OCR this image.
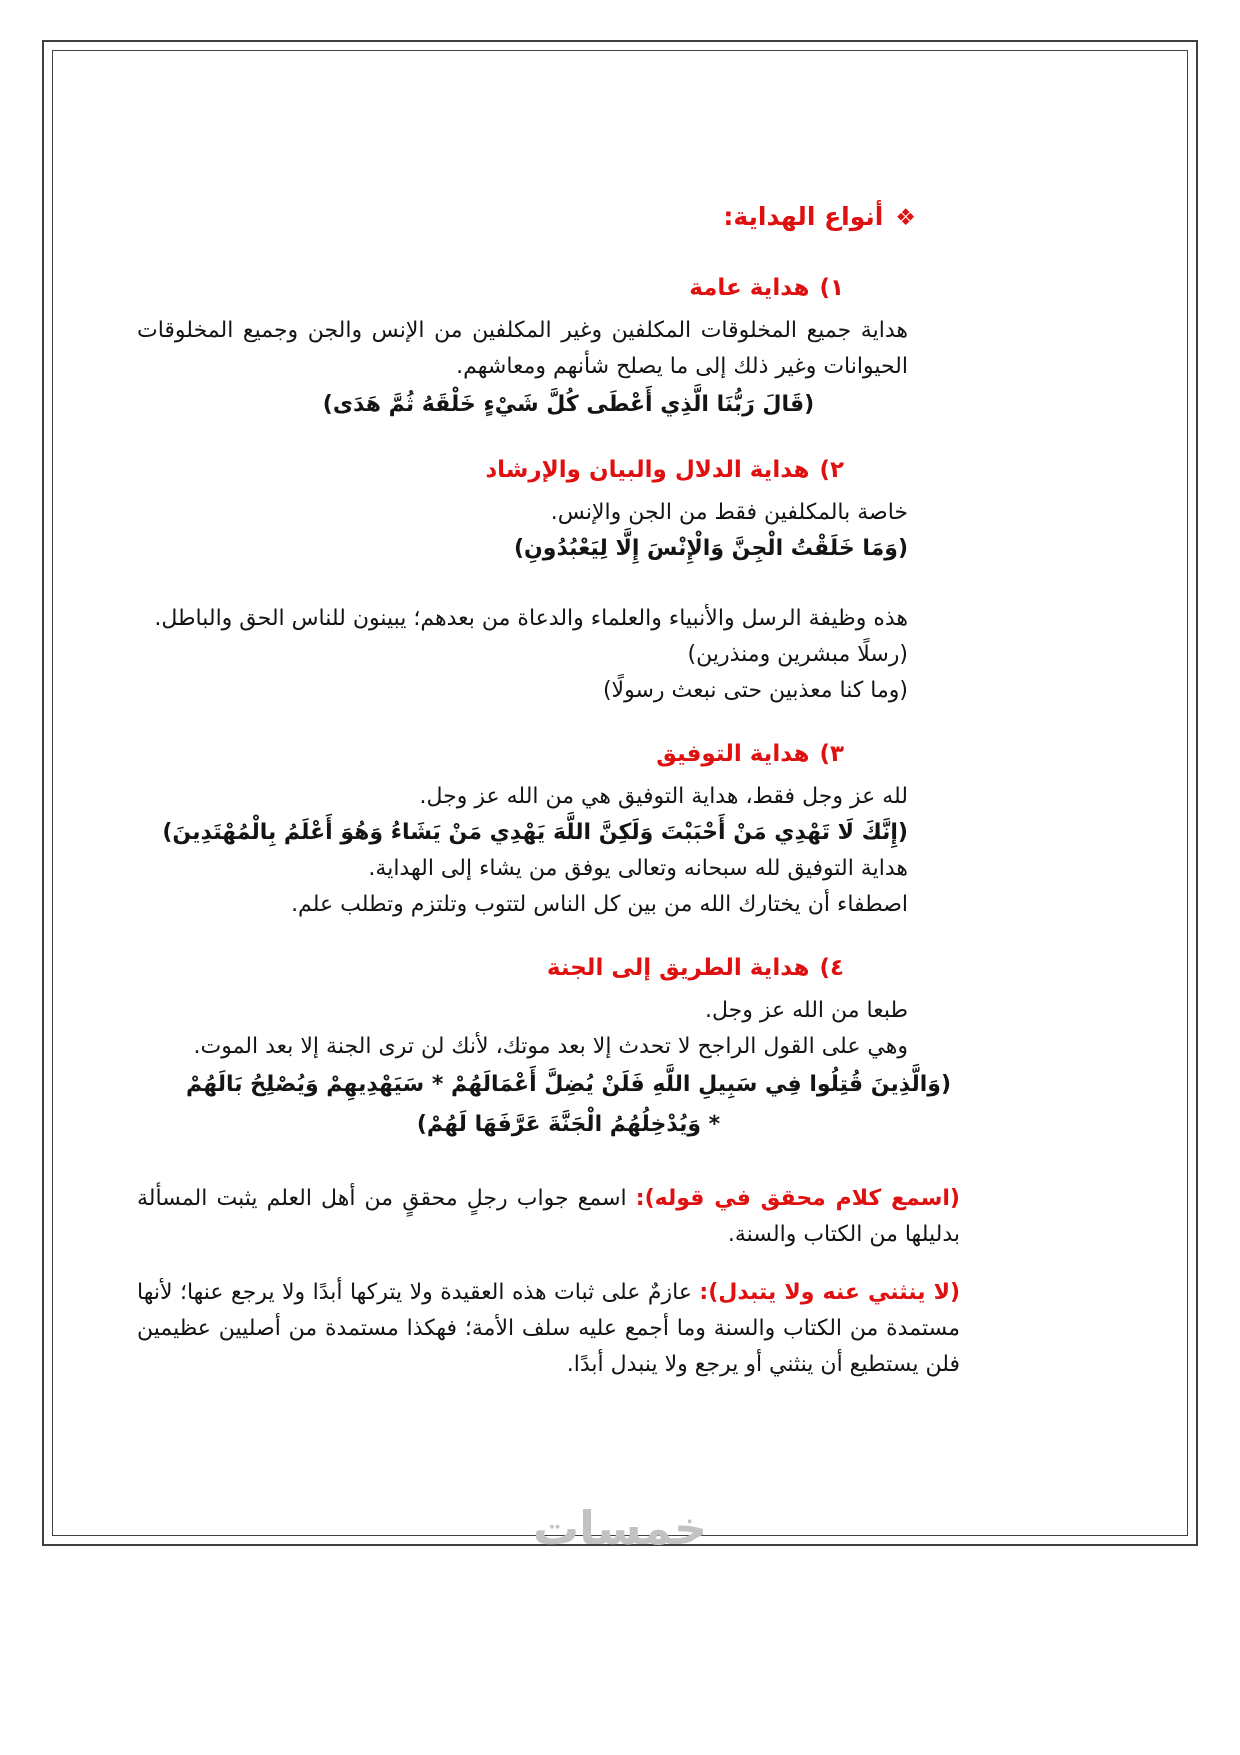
❖أنواع الهداية:

١)هداية عامة

هداية جميع المخلوقات المكلفين وغير المكلفين من الإنس والجن وجميع المخلوقات الحيوانات وغير ذلك إلى ما يصلح شأنهم ومعاشهم.

(قَالَ رَبُّنَا الَّذِي أَعْطَى كُلَّ شَيْءٍ خَلْقَهُ ثُمَّ هَدَى)

٢)هداية الدلال والبيان والإرشاد

خاصة بالمكلفين فقط من الجن والإنس.

(وَمَا خَلَقْتُ الْجِنَّ وَالْإِنْسَ إِلَّا لِيَعْبُدُونِ)

هذه وظيفة الرسل والأنبياء والعلماء والدعاة من بعدهم؛ يبينون للناس الحق والباطل.

(رسلًا مبشرين ومنذرين)

(وما كنا معذبين حتى نبعث رسولًا)

٣)هداية التوفيق

لله عز وجل فقط، هداية التوفيق هي من الله عز وجل.

(إِنَّكَ لَا تَهْدِي مَنْ أَحْبَبْتَ وَلَكِنَّ اللَّهَ يَهْدِي مَنْ يَشَاءُ وَهُوَ أَعْلَمُ بِالْمُهْتَدِينَ)

هداية التوفيق لله سبحانه وتعالى يوفق من يشاء إلى الهداية.

اصطفاء أن يختارك الله من بين كل الناس لتتوب وتلتزم وتطلب علم.

٤)هداية الطريق إلى الجنة

طبعا من الله عز وجل.

وهي على القول الراجح لا تحدث إلا بعد موتك، لأنك لن ترى الجنة إلا بعد الموت.

(وَالَّذِينَ قُتِلُوا فِي سَبِيلِ اللَّهِ فَلَنْ يُضِلَّ أَعْمَالَهُمْ * سَيَهْدِيهِمْ وَيُصْلِحُ بَالَهُمْ * وَيُدْخِلُهُمُ الْجَنَّةَ عَرَّفَهَا لَهُمْ)

(اسمع كلام محقق في قوله): اسمع جواب رجلٍ محققٍ من أهل العلم يثبت المسألة بدليلها من الكتاب والسنة.

(لا ينثني عنه ولا يتبدل): عازمٌ على ثبات هذه العقيدة ولا يتركها أبدًا ولا يرجع عنها؛ لأنها مستمدة من الكتاب والسنة وما أجمع عليه سلف الأمة؛ فهكذا مستمدة من أصليين عظيمين فلن يستطيع أن ينثني أو يرجع ولا ينبدل أبدًا.

خمسات
